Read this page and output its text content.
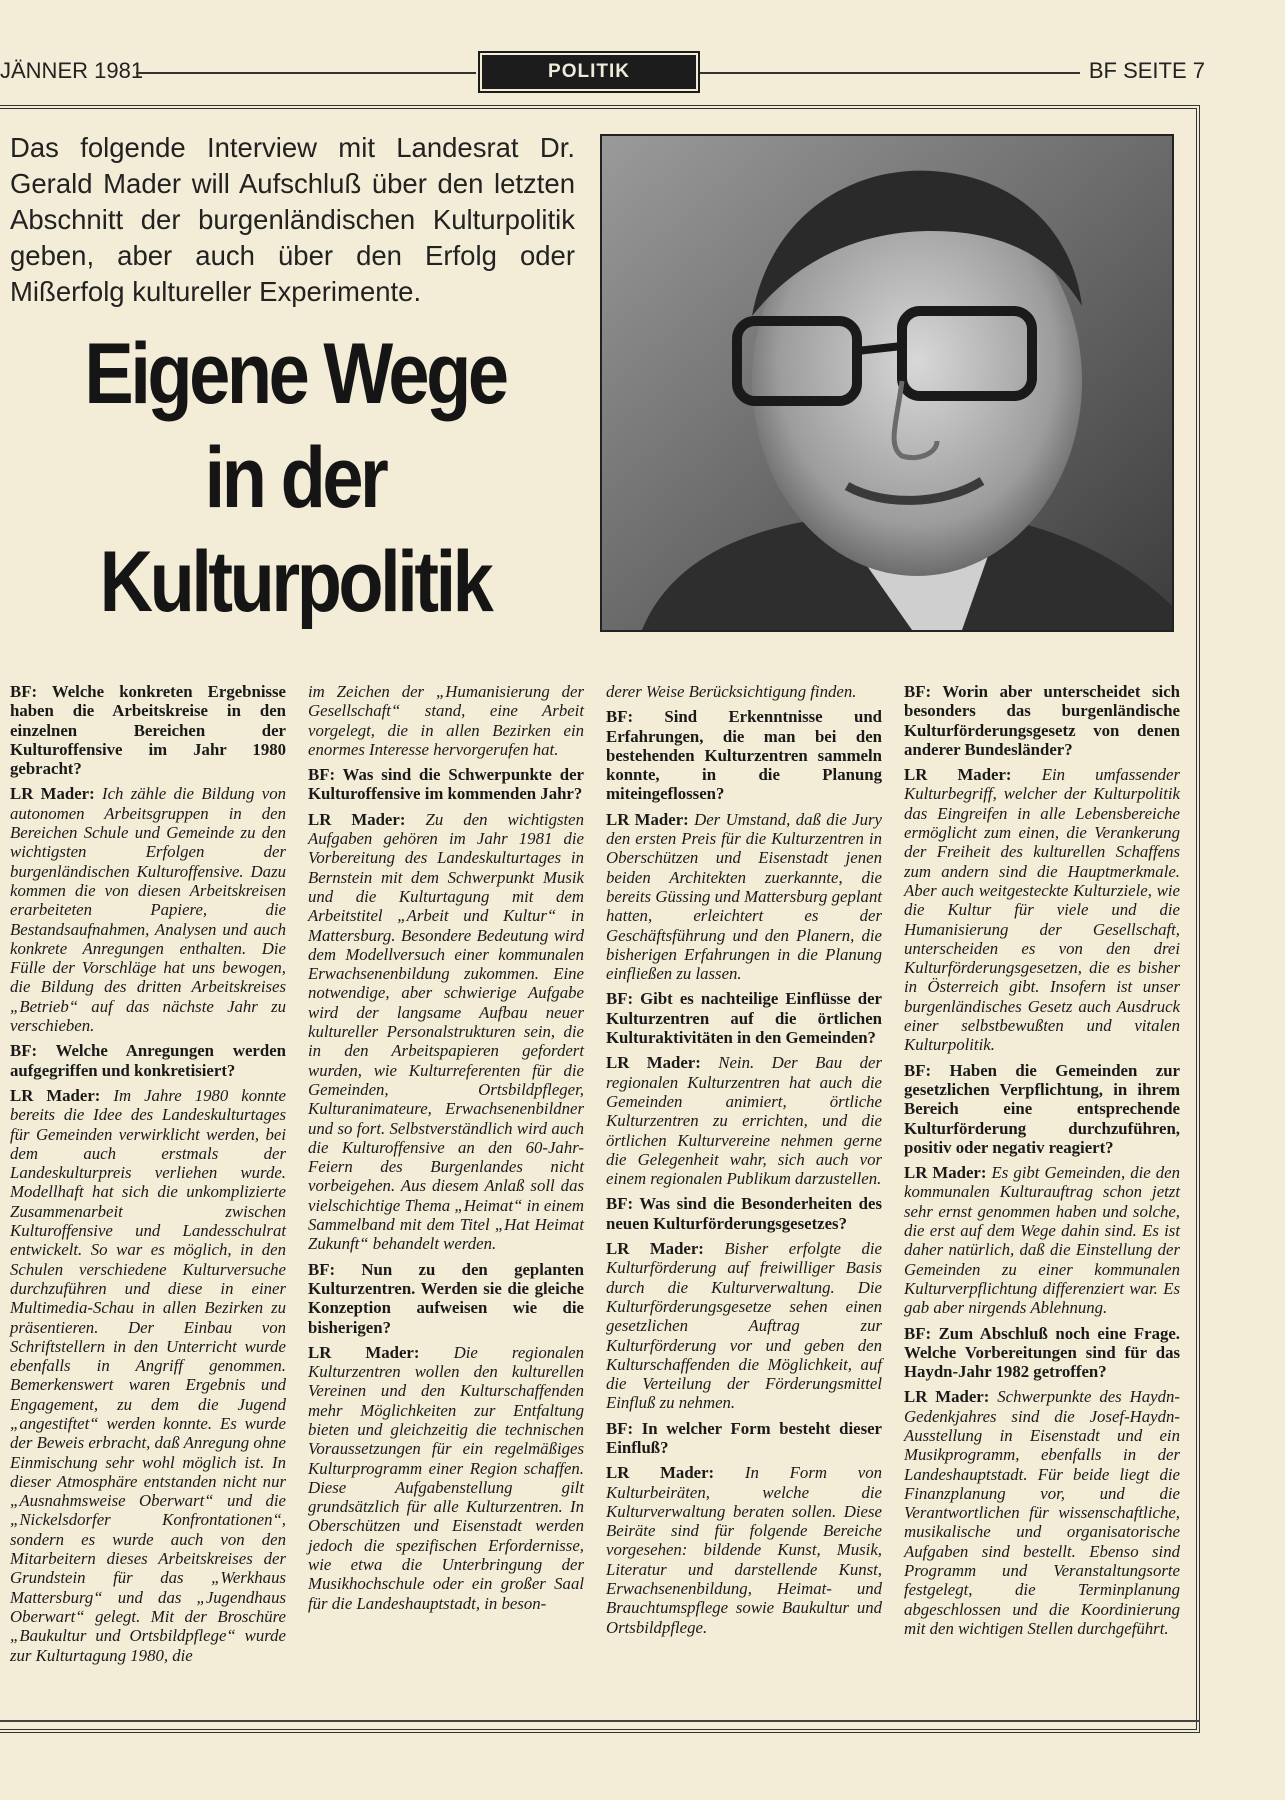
JÄNNER 1981	POLITIK	BF SEITE 7
Das folgende Interview mit Landesrat Dr. Gerald Mader will Aufschluß über den letzten Abschnitt der burgenländischen Kulturpolitik geben, aber auch über den Erfolg oder Mißerfolg kultureller Experimente.
Eigene Wege
in der
Kulturpolitik

BF: Welche konkreten Ergebnisse haben die Arbeitskreise in den einzelnen Bereichen der Kulturoffensive im Jahr 1980 gebracht?

LR Mader: Ich zähle die Bildung von autonomen Arbeitsgruppen in den Bereichen Schule und Gemeinde zu den wichtigsten Erfolgen der burgenländischen Kulturoffensive. Dazu kommen die von diesen Arbeitskreisen erarbeiteten Papiere, die Bestandsaufnahmen, Analysen und auch konkrete Anregungen enthalten. Die Fülle der Vorschläge hat uns bewogen, die Bildung des dritten Arbeitskreises „Betrieb“ auf das nächste Jahr zu verschieben.

BF: Welche Anregungen werden aufgegriffen und konkretisiert?

LR Mader: Im Jahre 1980 konnte bereits die Idee des Landeskulturtages für Gemeinden verwirklicht werden, bei dem auch erstmals der Landeskulturpreis verliehen wurde. Modellhaft hat sich die unkomplizierte Zusammenarbeit zwischen Kulturoffensive und Landesschulrat entwickelt. So war es möglich, in den Schulen verschiedene Kulturversuche durchzuführen und diese in einer Multimedia-Schau in allen Bezirken zu präsentieren. Der Einbau von Schriftstellern in den Unterricht wurde ebenfalls in Angriff genommen. Bemerkenswert waren Ergebnis und Engagement, zu dem die Jugend „angestiftet“ werden konnte. Es wurde der Beweis erbracht, daß Anregung ohne Einmischung sehr wohl möglich ist. In dieser Atmosphäre entstanden nicht nur „Ausnahmsweise Oberwart“ und die „Nickelsdorfer Konfrontationen“, sondern es wurde auch von den Mitarbeitern dieses Arbeitskreises der Grundstein für das „Werkhaus Mattersburg“ und das „Jugendhaus Oberwart“ gelegt. Mit der Broschüre „Baukultur und Ortsbildpflege“ wurde zur Kulturtagung 1980, die

im Zeichen der „Humanisierung der Gesellschaft“ stand, eine Arbeit vorgelegt, die in allen Bezirken ein enormes Interesse hervorgerufen hat.

BF: Was sind die Schwerpunkte der Kulturoffensive im kommenden Jahr?

LR Mader: Zu den wichtigsten Aufgaben gehören im Jahr 1981 die Vorbereitung des Landeskulturtages in Bernstein mit dem Schwerpunkt Musik und die Kulturtagung mit dem Arbeitstitel „Arbeit und Kultur“ in Mattersburg. Besondere Bedeutung wird dem Modellversuch einer kommunalen Erwachsenenbildung zukommen. Eine notwendige, aber schwierige Aufgabe wird der langsame Aufbau neuer kultureller Personalstrukturen sein, die in den Arbeitspapieren gefordert wurden, wie Kulturreferenten für die Gemeinden, Ortsbildpfleger, Kulturanimateure, Erwachsenenbildner und so fort. Selbstverständlich wird auch die Kulturoffensive an den 60-Jahr-Feiern des Burgenlandes nicht vorbeigehen. Aus diesem Anlaß soll das vielschichtige Thema „Heimat“ in einem Sammelband mit dem Titel „Hat Heimat Zukunft“ behandelt werden.

BF: Nun zu den geplanten Kulturzentren. Werden sie die gleiche Konzeption aufweisen wie die bisherigen?

LR Mader: Die regionalen Kulturzentren wollen den kulturellen Vereinen und den Kulturschaffenden mehr Möglichkeiten zur Entfaltung bieten und gleichzeitig die technischen Voraussetzungen für ein regelmäßiges Kulturprogramm einer Region schaffen. Diese Aufgabenstellung gilt grundsätzlich für alle Kulturzentren. In Oberschützen und Eisenstadt werden jedoch die spezifischen Erfordernisse, wie etwa die Unterbringung der Musikhochschule oder ein großer Saal für die Landeshauptstadt, in beson-

derer Weise Berücksichtigung finden.

BF: Sind Erkenntnisse und Erfahrungen, die man bei den bestehenden Kulturzentren sammeln konnte, in die Planung miteingeflossen?

LR Mader: Der Umstand, daß die Jury den ersten Preis für die Kulturzentren in Oberschützen und Eisenstadt jenen beiden Architekten zuerkannte, die bereits Güssing und Mattersburg geplant hatten, erleichtert es der Geschäftsführung und den Planern, die bisherigen Erfahrungen in die Planung einfließen zu lassen.

BF: Gibt es nachteilige Einflüsse der Kulturzentren auf die örtlichen Kulturaktivitäten in den Gemeinden?

LR Mader: Nein. Der Bau der regionalen Kulturzentren hat auch die Gemeinden animiert, örtliche Kulturzentren zu errichten, und die örtlichen Kulturvereine nehmen gerne die Gelegenheit wahr, sich auch vor einem regionalen Publikum darzustellen.

BF: Was sind die Besonderheiten des neuen Kulturförderungsgesetzes?

LR Mader: Bisher erfolgte die Kulturförderung auf freiwilliger Basis durch die Kulturverwaltung. Die Kulturförderungsgesetze sehen einen gesetzlichen Auftrag zur Kulturförderung vor und geben den Kulturschaffenden die Möglichkeit, auf die Verteilung der Förderungsmittel Einfluß zu nehmen.

BF: In welcher Form besteht dieser Einfluß?

LR Mader: In Form von Kulturbeiräten, welche die Kulturverwaltung beraten sollen. Diese Beiräte sind für folgende Bereiche vorgesehen: bildende Kunst, Musik, Literatur und darstellende Kunst, Erwachsenenbildung, Heimat- und Brauchtumspflege sowie Baukultur und Ortsbildpflege.

BF: Worin aber unterscheidet sich besonders das burgenländische Kulturförderungsgesetz von denen anderer Bundesländer?

LR Mader: Ein umfassender Kulturbegriff, welcher der Kulturpolitik das Eingreifen in alle Lebensbereiche ermöglicht zum einen, die Verankerung der Freiheit des kulturellen Schaffens zum andern sind die Hauptmerkmale. Aber auch weitgesteckte Kulturziele, wie die Kultur für viele und die Humanisierung der Gesellschaft, unterscheiden es von den drei Kulturförderungsgesetzen, die es bisher in Österreich gibt. Insofern ist unser burgenländisches Gesetz auch Ausdruck einer selbstbewußten und vitalen Kulturpolitik.

BF: Haben die Gemeinden zur gesetzlichen Verpflichtung, in ihrem Bereich eine entsprechende Kulturförderung durchzuführen, positiv oder negativ reagiert?

LR Mader: Es gibt Gemeinden, die den kommunalen Kulturauftrag schon jetzt sehr ernst genommen haben und solche, die erst auf dem Wege dahin sind. Es ist daher natürlich, daß die Einstellung der Gemeinden zu einer kommunalen Kulturverpflichtung differenziert war. Es gab aber nirgends Ablehnung.

BF: Zum Abschluß noch eine Frage. Welche Vorbereitungen sind für das Haydn-Jahr 1982 getroffen?

LR Mader: Schwerpunkte des Haydn-Gedenkjahres sind die Josef-Haydn-Ausstellung in Eisenstadt und ein Musikprogramm, ebenfalls in der Landeshauptstadt. Für beide liegt die Finanzplanung vor, und die Verantwortlichen für wissenschaftliche, musikalische und organisatorische Aufgaben sind bestellt. Ebenso sind Programm und Veranstaltungsorte festgelegt, die Terminplanung abgeschlossen und die Koordinierung mit den wichtigen Stellen durchgeführt.
